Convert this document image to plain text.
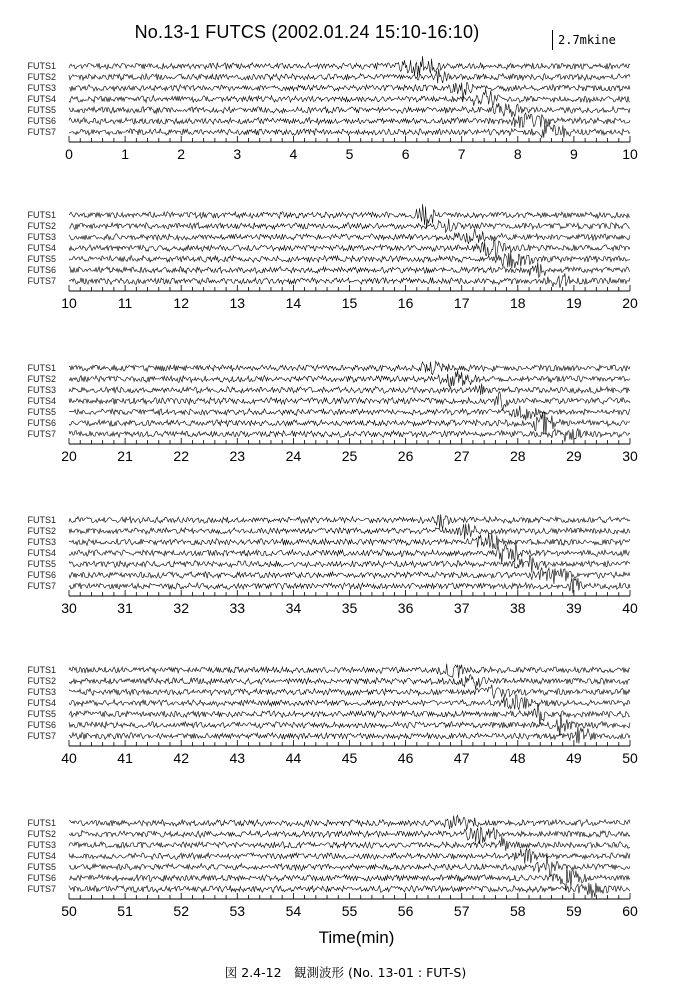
No.13-1 FUTCS (2002.01.24 15:10-16:10)	2.7mkine
0	1	2	3	4	5	6	7	8	9	10
10	11	12	13	14	15	16	17	18	19	20
20	21	22	23	24	25	26	27	28	29	30
30	31	32	33	34	35	36	37	38	39	40
40	41	42	43	44	45	46	47	48	49	50
50	51	52	53	54	55	56	57	58	59	60
FUTS1
FUTS2
FUTS3
FUTS4
FUTS5
FUTS6
FUTS7
FUTS1
FUTS2
FUTS3
FUTS4
FUTS5
FUTS6
FUTS7
FUTS1
FUTS2
FUTS3
FUTS4
FUTS5
FUTS6
FUTS7
FUTS1
FUTS2
FUTS3
FUTS4
FUTS5
FUTS6
FUTS7
FUTS1
FUTS2
FUTS3
FUTS4
FUTS5
FUTS6
FUTS7
FUTS1
FUTS2
FUTS3
FUTS4
FUTS5
FUTS6
FUTS7
Time(min)
図 2.4-12　観測波形 (No. 13-01 : FUT-S)
